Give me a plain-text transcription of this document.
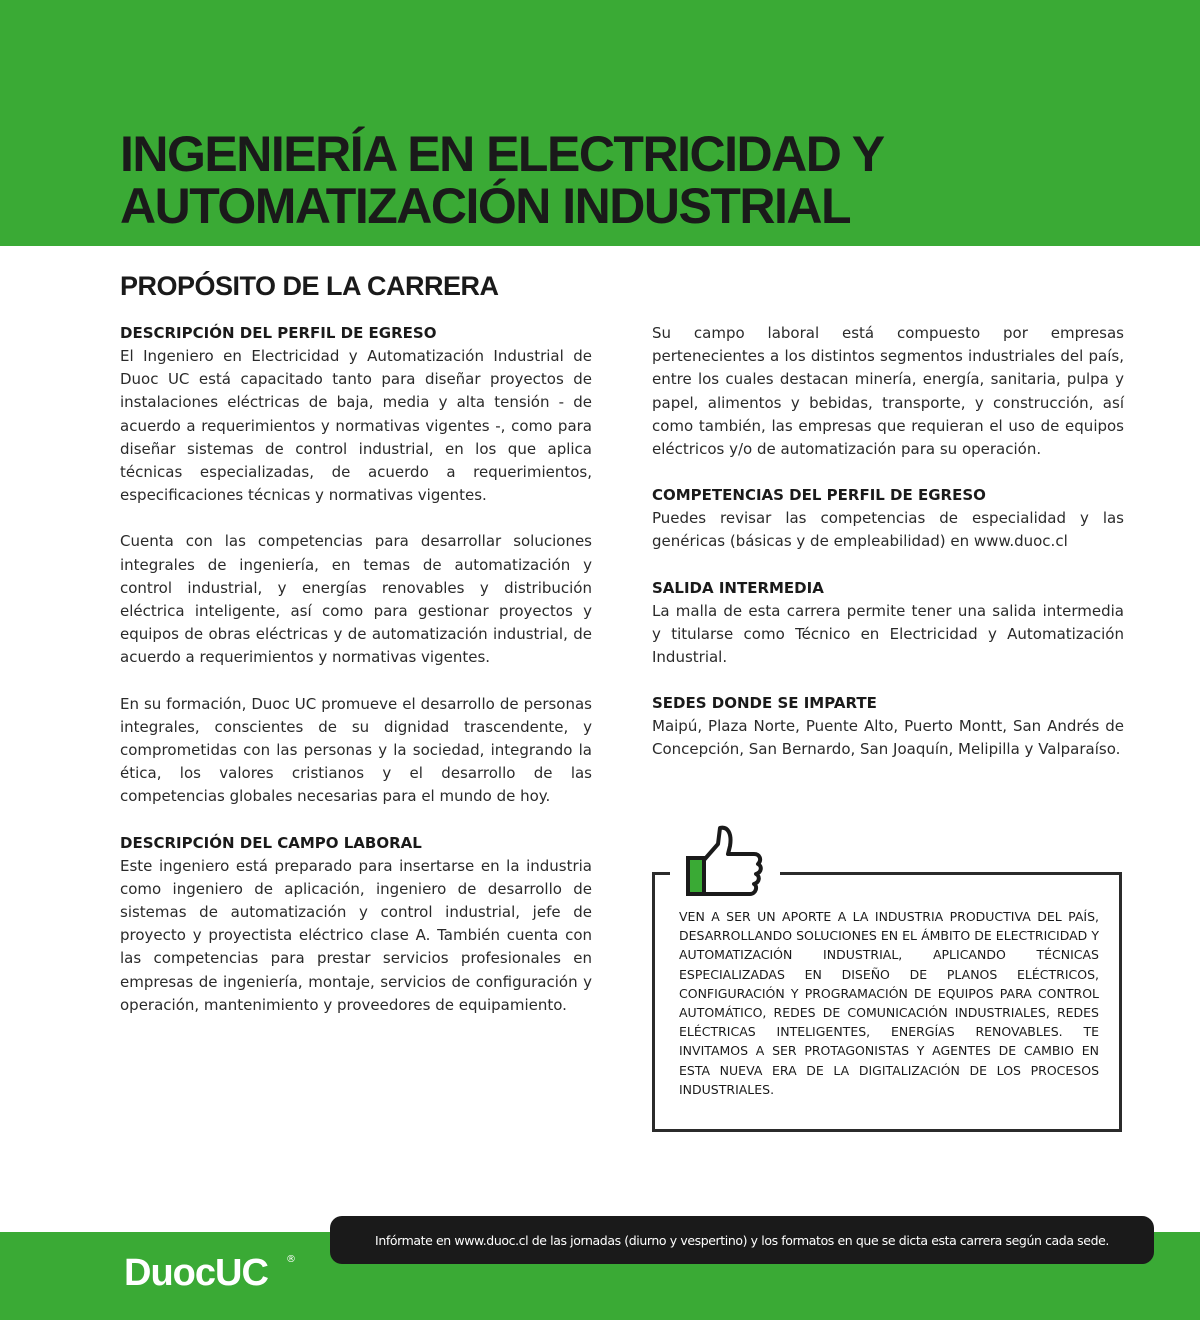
INGENIERÍA EN ELECTRICIDAD Y
AUTOMATIZACIÓN INDUSTRIAL
PROPÓSITO DE LA CARRERA
DESCRIPCIÓN DEL PERFIL DE EGRESO

El Ingeniero en Electricidad y Automatización Industrial de Duoc UC está capacitado tanto para diseñar proyectos de instalaciones eléctricas de baja, media y alta tensión - de acuerdo a requerimientos y normativas vigentes -, como para diseñar sistemas de control industrial, en los que aplica técnicas especializadas, de acuerdo a requerimientos, especificaciones técnicas y normativas vigentes.

Cuenta con las competencias para desarrollar soluciones integrales de ingeniería, en temas de automatización y control industrial, y energías renovables y distribución eléctrica inteligente, así como para gestionar proyectos y equipos de obras eléctricas y de automatización industrial, de acuerdo a requerimientos y normativas vigentes.

En su formación, Duoc UC promueve el desarrollo de personas integrales, conscientes de su dignidad trascendente, y comprometidas con las personas y la sociedad, integrando la ética, los valores cristianos y el desarrollo de las competencias globales necesarias para el mundo de hoy.

DESCRIPCIÓN DEL CAMPO LABORAL

Este ingeniero está preparado para insertarse en la industria como ingeniero de aplicación, ingeniero de desarrollo de sistemas de automatización y control industrial, jefe de proyecto y proyectista eléctrico clase A. También cuenta con las competencias para prestar servicios profesionales en empresas de ingeniería, montaje, servicios de configuración y operación, mantenimiento y proveedores de equipamiento.

Su campo laboral está compuesto por empresas pertenecientes a los distintos segmentos industriales del país, entre los cuales destacan minería, energía, sanitaria, pulpa y papel, alimentos y bebidas, transporte, y construcción, así como también, las empresas que requieran el uso de equipos eléctricos y/o de automatización para su operación.

COMPETENCIAS DEL PERFIL DE EGRESO

Puedes revisar las competencias de especialidad y las genéricas (básicas y de empleabilidad) en www.duoc.cl

SALIDA INTERMEDIA

La malla de esta carrera permite tener una salida intermedia y titularse como Técnico en Electricidad y Automatización Industrial.

SEDES DONDE SE IMPARTE

Maipú, Plaza Norte, Puente Alto, Puerto Montt, San Andrés de Concepción, San Bernardo, San Joaquín, Melipilla y Valparaíso.

VEN A SER UN APORTE A LA INDUSTRIA PRODUCTIVA DEL PAÍS, DESARROLLANDO SOLUCIONES EN EL ÁMBITO DE ELECTRICIDAD Y AUTOMATIZACIÓN INDUSTRIAL, APLICANDO TÉCNICAS ESPECIALIZADAS EN DISEÑO DE PLANOS ELÉCTRICOS, CONFIGURACIÓN Y PROGRAMACIÓN DE EQUIPOS PARA CONTROL AUTOMÁTICO, REDES DE COMUNICACIÓN INDUSTRIALES, REDES ELÉCTRICAS INTELIGENTES, ENERGÍAS RENOVABLES. TE INVITAMOS A SER PROTAGONISTAS Y AGENTES DE CAMBIO EN ESTA NUEVA ERA DE LA DIGITALIZACIÓN DE LOS PROCESOS INDUSTRIALES.

Infórmate en www.duoc.cl de las jornadas (diurno y vespertino) y los formatos en que se dicta esta carrera según cada sede.
DuocUC ®
